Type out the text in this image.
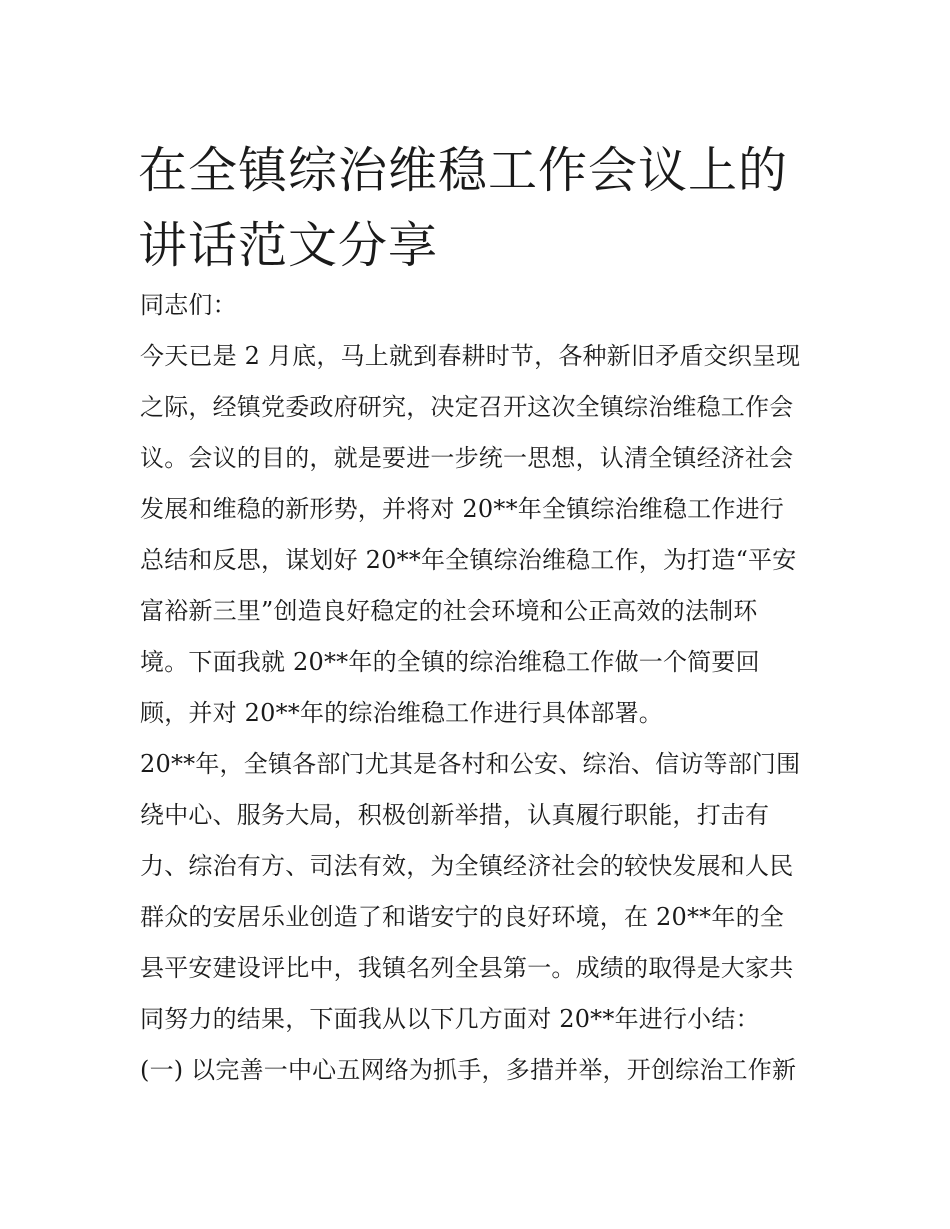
在全镇综治维稳工作会议上的
讲话范文分享
同志们：
今天已是 2 月底，马上就到春耕时节，各种新旧矛盾交织呈现
之际，经镇党委政府研究，决定召开这次全镇综治维稳工作会
议。会议的目的，就是要进一步统一思想，认清全镇经济社会
发展和维稳的新形势，并将对 20**年全镇综治维稳工作进行
总结和反思，谋划好 20**年全镇综治维稳工作，为打造“平安
富裕新三里”创造良好稳定的社会环境和公正高效的法制环
境。下面我就 20**年的全镇的综治维稳工作做一个简要回
顾，并对 20**年的综治维稳工作进行具体部署。
20**年，全镇各部门尤其是各村和公安、综治、信访等部门围
绕中心、服务大局，积极创新举措，认真履行职能，打击有
力、综治有方、司法有效，为全镇经济社会的较快发展和人民
群众的安居乐业创造了和谐安宁的良好环境，在 20**年的全
县平安建设评比中，我镇名列全县第一。成绩的取得是大家共
同努力的结果，下面我从以下几方面对 20**年进行小结：
(一) 以完善一中心五网络为抓手，多措并举，开创综治工作新
